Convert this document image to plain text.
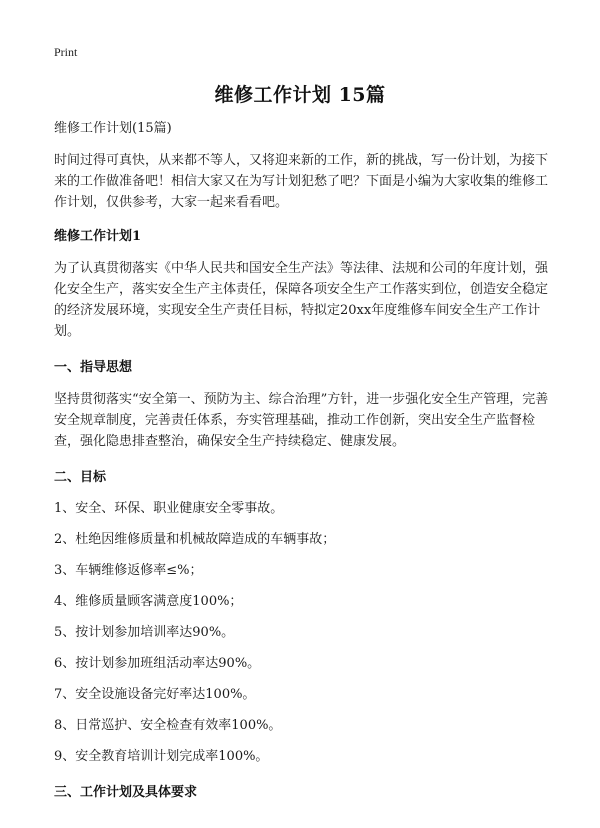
Print
维修工作计划 15篇

维修工作计划(15篇)

时间过得可真快，从来都不等人，又将迎来新的工作，新的挑战，写一份计划，为接下来的工作做准备吧！相信大家又在为写计划犯愁了吧？下面是小编为大家收集的维修工作计划，仅供参考，大家一起来看看吧。

维修工作计划1

为了认真贯彻落实《中华人民共和国安全生产法》等法律、法规和公司的年度计划，强化安全生产，落实安全生产主体责任，保障各项安全生产工作落实到位，创造安全稳定的经济发展环境，实现安全生产责任目标，特拟定20xx年度维修车间安全生产工作计划。

一、指导思想

坚持贯彻落实“安全第一、预防为主、综合治理”方针，进一步强化安全生产管理，完善安全规章制度，完善责任体系，夯实管理基础，推动工作创新，突出安全生产监督检查，强化隐患排查整治，确保安全生产持续稳定、健康发展。

二、目标

1、安全、环保、职业健康安全零事故。
2、杜绝因维修质量和机械故障造成的车辆事故；
3、车辆维修返修率≤%；
4、维修质量顾客满意度100%；
5、按计划参加培训率达90%。
6、按计划参加班组活动率达90%。
7、安全设施设备完好率达100%。
8、日常巡护、安全检查有效率100%。
9、安全教育培训计划完成率100%。

三、工作计划及具体要求
